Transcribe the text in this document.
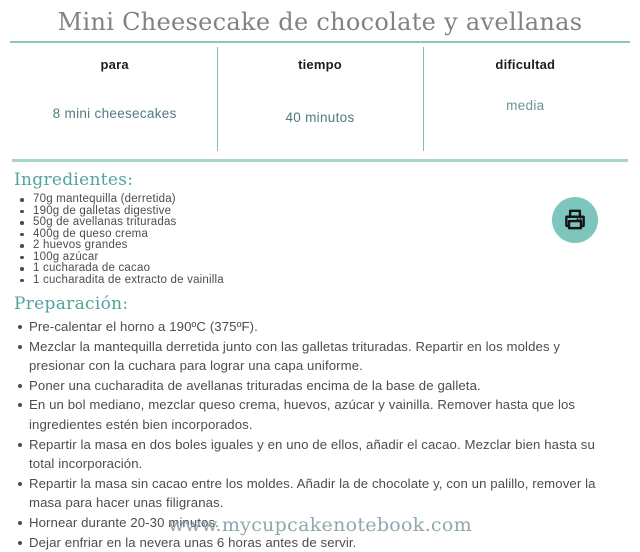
Mini Cheesecake de chocolate y avellanas
para
8 mini cheesecakes
tiempo
40 minutos
dificultad
media
Ingredientes:
70g mantequilla (derretida)
190g de galletas digestive
50g de avellanas trituradas
400g de queso crema
2 huevos grandes
100g azúcar
1 cucharada de cacao
1 cucharadita de extracto de vainilla
Preparación:
Pre-calentar el horno a 190ºC (375ºF).
Mezclar la mantequilla derretida junto con las galletas trituradas. Repartir en los moldes y presionar con la cuchara para lograr una capa uniforme.
Poner una cucharadita de avellanas trituradas encima de la base de galleta.
En un bol mediano, mezclar queso crema, huevos, azúcar y vainilla. Remover hasta que los ingredientes estén bien incorporados.
Repartir la masa en dos boles iguales y en uno de ellos, añadir el cacao. Mezclar bien hasta su total incorporación.
Repartir la masa sin cacao entre los moldes. Añadir la de chocolate y, con un palillo, remover la masa para hacer unas filigranas.
Hornear durante 20-30 minutos.
Dejar enfriar en la nevera unas 6 horas antes de servir.
www.mycupcakenotebook.com
